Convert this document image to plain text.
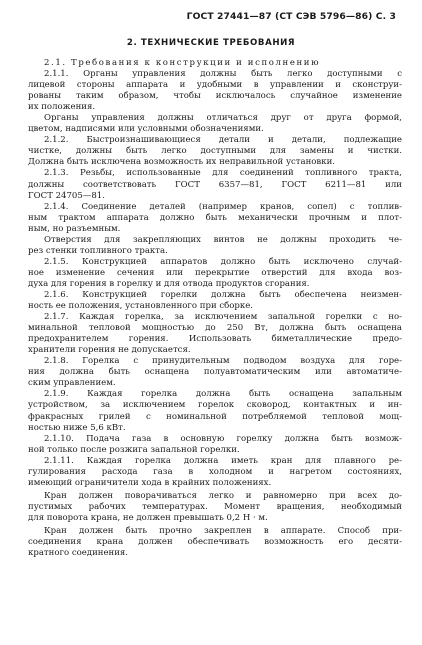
ГОСТ 27441—87 (СТ СЭВ 5796—86) С. 3
2. ТЕХНИЧЕСКИЕ ТРЕБОВАНИЯ
2.1. Требования к конструкции и исполнению
2.1.1. Органы управления должны быть легко доступными с
лицевой стороны аппарата и удобными в управлении и сконструи-
рованы таким образом, чтобы исключалось случайное изменение
их положения.
Органы управления должны отличаться друг от друга формой,
цветом, надписями или условными обозначениями.
2.1.2. Быстроизнашивающиеся детали и детали, подлежащие
чистке, должны быть легко доступными для замены и чистки.
Должна быть исключена возможность их неправильной установки.
2.1.3. Резьбы, использованные для соединений топливного тракта,
должны соответствовать ГОСТ 6357—81, ГОСТ 6211—81 или
ГОСТ 24705—81.
2.1.4. Соединение деталей (например кранов, сопел) с топлив-
ным трактом аппарата должно быть механически прочным и плот-
ным, но разъемным.
Отверстия для закрепляющих винтов не должны проходить че-
рез стенки топливного тракта.
2.1.5. Конструкцией аппаратов должно быть исключено случай-
ное изменение сечения или перекрытие отверстий для входа воз-
духа для горения в горелку и для отвода продуктов сгорания.
2.1.6. Конструкцией горелки должна быть обеспечена неизмен-
ность ее положения, установленного при сборке.
2.1.7. Каждая горелка, за исключением запальной горелки с но-
минальной тепловой мощностью до 250 Вт, должна быть оснащена
предохранителем горения. Использовать биметаллические предо-
хранители горения не допускается.
2.1.8. Горелка с принудительным подводом воздуха для горе-
ния должна быть оснащена полуавтоматическим или автоматиче-
ским управлением.
2.1.9. Каждая горелка должна быть оснащена запальным
устройством, за исключением горелок сковород, контактных и ин-
фракрасных грилей с номинальной потребляемой тепловой мощ-
ностью ниже 5,6 кВт.
2.1.10. Подача газа в основную горелку должна быть возмож-
ной только после розжига запальной горелки.
2.1.11. Каждая горелка должна иметь кран для плавного ре-
гулирования расхода газа в холодном и нагретом состояниях,
имеющий ограничители хода в крайних положениях.
Кран должен поворачиваться легко и равномерно при всех до-
пустимых рабочих температурах. Момент вращения, необходимый
для поворота крана, не должен превышать 0,2 Н · м.
Кран должен быть прочно закреплен в аппарате. Способ при-
соединения крана должен обеспечивать возможность его десяти-
кратного соединения.
